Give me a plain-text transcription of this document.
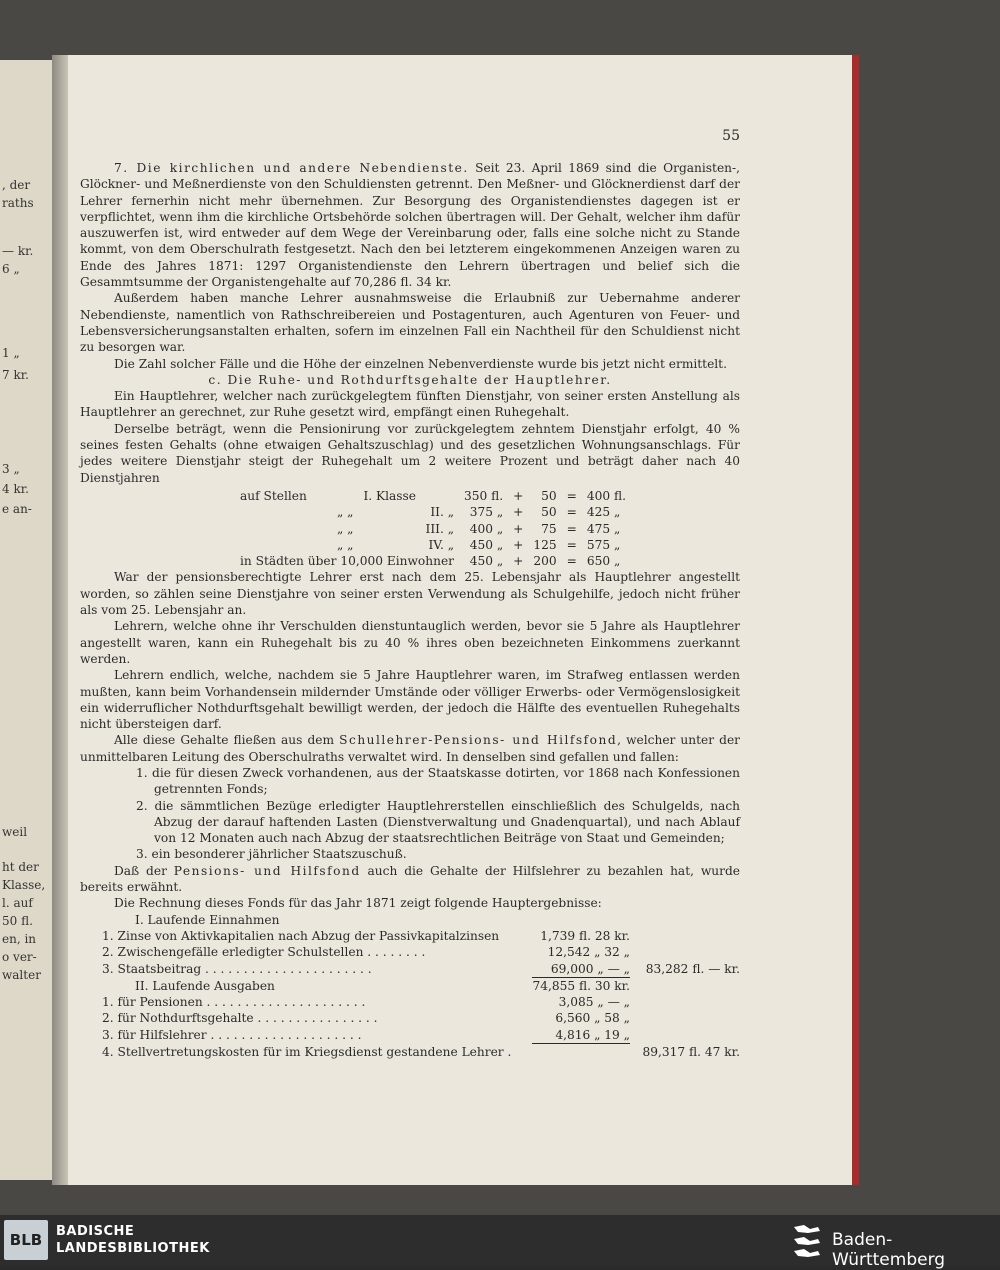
, der
raths
— kr.
6 „
1 „
7 kr.
3 „
4 kr.
e an-
weil
ht der
Klasse,
l. auf
50 fl.
en, in
o ver-
walter
55

7. Die kirchlichen und andere Nebendienste. Seit 23. April 1869 sind die Organisten-, Glöckner- und Meßnerdienste von den Schuldiensten getrennt. Den Meßner- und Glöcknerdienst darf der Lehrer fernerhin nicht mehr übernehmen. Zur Besorgung des Organistendienstes dagegen ist er verpflichtet, wenn ihm die kirchliche Ortsbehörde solchen übertragen will. Der Gehalt, welcher ihm dafür auszuwerfen ist, wird entweder auf dem Wege der Vereinbarung oder, falls eine solche nicht zu Stande kommt, von dem Oberschulrath festgesetzt. Nach den bei letzterem eingekommenen Anzeigen waren zu Ende des Jahres 1871: 1297 Organistendienste den Lehrern übertragen und belief sich die Gesammtsumme der Organistengehalte auf 70,286 fl. 34 kr.

Außerdem haben manche Lehrer ausnahmsweise die Erlaubniß zur Uebernahme anderer Nebendienste, namentlich von Rathschreibereien und Postagenturen, auch Agenturen von Feuer- und Lebensversicherungsanstalten erhalten, sofern im einzelnen Fall ein Nachtheil für den Schuldienst nicht zu besorgen war.

Die Zahl solcher Fälle und die Höhe der einzelnen Nebenverdienste wurde bis jetzt nicht ermittelt.

c. Die Ruhe- und Rothdurftsgehalte der Hauptlehrer.

Ein Hauptlehrer, welcher nach zurückgelegtem fünften Dienstjahr, von seiner ersten Anstellung als Hauptlehrer an gerechnet, zur Ruhe gesetzt wird, empfängt einen Ruhegehalt.

Derselbe beträgt, wenn die Pensionirung vor zurückgelegtem zehntem Dienstjahr erfolgt, 40 % seines festen Gehalts (ohne etwaigen Gehaltszuschlag) und des gesetzlichen Wohnungsanschlags. Für jedes weitere Dienstjahr steigt der Ruhegehalt um 2 weitere Prozent und beträgt daher nach 40 Dienstjahren

auf Stellen	I. Klasse	350 fl.	+	50	=	400 fl.
„ „	II. „	375 „	+	50	=	425 „
„ „	III. „	400 „	+	75	=	475 „
„ „	IV. „	450 „	+	125	=	575 „
in Städten über 10,000 Einwohner		450 „	+	200	=	650 „

War der pensionsberechtigte Lehrer erst nach dem 25. Lebensjahr als Hauptlehrer angestellt worden, so zählen seine Dienstjahre von seiner ersten Verwendung als Schulgehilfe, jedoch nicht früher als vom 25. Lebensjahr an.

Lehrern, welche ohne ihr Verschulden dienstuntauglich werden, bevor sie 5 Jahre als Hauptlehrer angestellt waren, kann ein Ruhegehalt bis zu 40 % ihres oben bezeichneten Einkommens zuerkannt werden.

Lehrern endlich, welche, nachdem sie 5 Jahre Hauptlehrer waren, im Strafweg entlassen werden mußten, kann beim Vorhandensein mildernder Umstände oder völliger Erwerbs- oder Vermögenslosigkeit ein widerruflicher Nothdurftsgehalt bewilligt werden, der jedoch die Hälfte des eventuellen Ruhegehalts nicht übersteigen darf.

Alle diese Gehalte fließen aus dem Schullehrer-Pensions- und Hilfsfond, welcher unter der unmittelbaren Leitung des Oberschulraths verwaltet wird. In denselben sind gefallen und fallen:

1. die für diesen Zweck vorhandenen, aus der Staatskasse dotirten, vor 1868 nach Konfessionen getrennten Fonds;
2. die sämmtlichen Bezüge erledigter Hauptlehrerstellen einschließlich des Schulgelds, nach Abzug der darauf haftenden Lasten (Dienstverwaltung und Gnadenquartal), und nach Ablauf von 12 Monaten auch nach Abzug der staatsrechtlichen Beiträge von Staat und Gemeinden;
3. ein besonderer jährlicher Staatszuschuß.

Daß der Pensions- und Hilfsfond auch die Gehalte der Hilfslehrer zu bezahlen hat, wurde bereits erwähnt.

Die Rechnung dieses Fonds für das Jahr 1871 zeigt folgende Hauptergebnisse:

I. Laufende Einnahmen		
1. Zinse von Aktivkapitalien nach Abzug der Passivkapitalzinsen	1,739 fl. 28 kr.	
2. Zwischengefälle erledigter Schulstellen . . . . . . . .	12,542 „ 32 „	
3. Staatsbeitrag . . . . . . . . . . . . . . . . . . . . . .	69,000 „ — „	83,282 fl. — kr.
II. Laufende Ausgaben	74,855 fl. 30 kr.	
1. für Pensionen . . . . . . . . . . . . . . . . . . . . .	3,085 „ — „	
2. für Nothdurftsgehalte . . . . . . . . . . . . . . . .	6,560 „ 58 „	
3. für Hilfslehrer . . . . . . . . . . . . . . . . . . . .	4,816 „ 19 „	
4. Stellvertretungskosten für im Kriegsdienst gestandene Lehrer .		89,317 fl. 47 kr.
BLB	BADISCHE
LANDESBIBLIOTHEK	Baden-Württemberg
